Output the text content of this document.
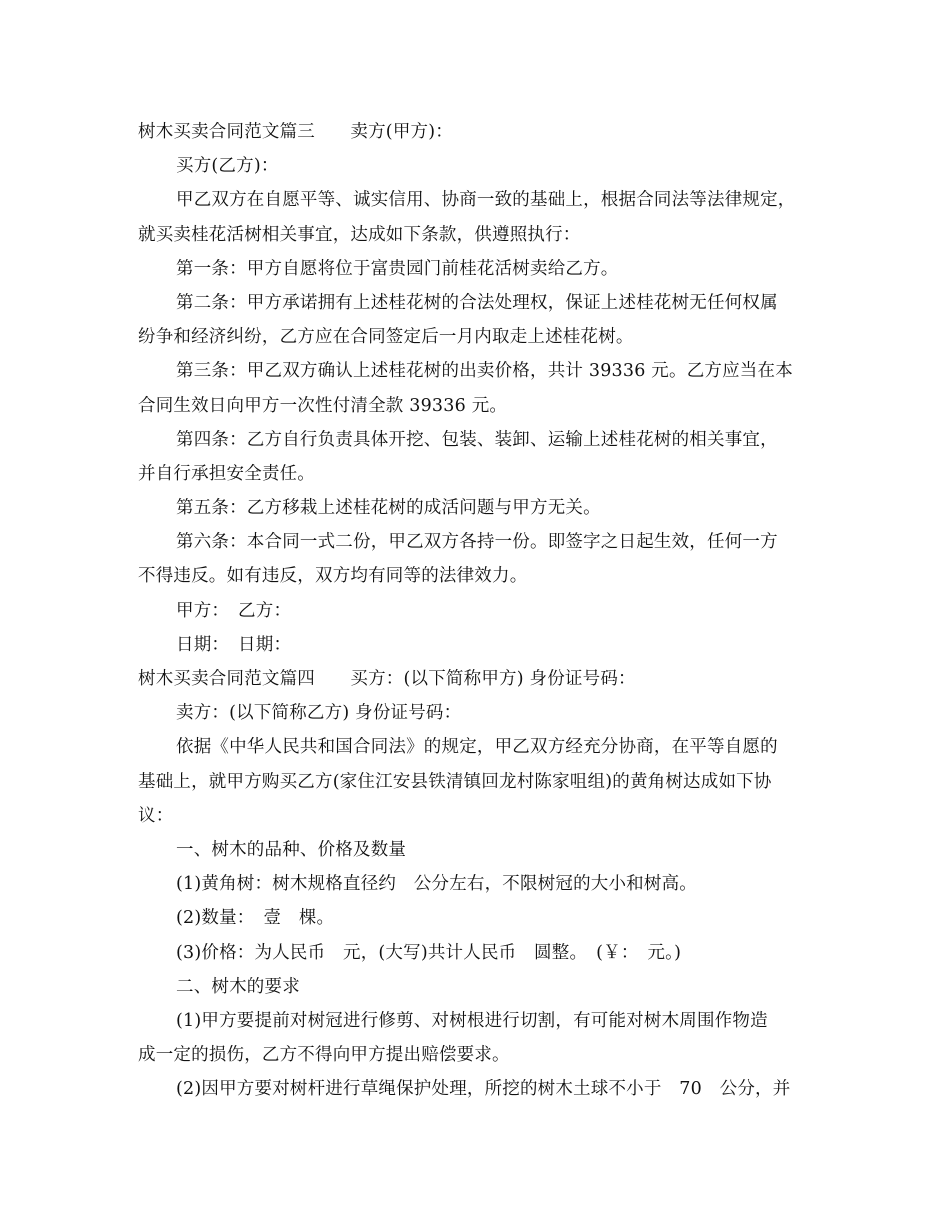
树木买卖合同范文篇三　　卖方(甲方)：
买方(乙方)：
甲乙双方在自愿平等、诚实信用、协商一致的基础上，根据合同法等法律规定，
就买卖桂花活树相关事宜，达成如下条款，供遵照执行：
第一条：甲方自愿将位于富贵园门前桂花活树卖给乙方。
第二条：甲方承诺拥有上述桂花树的合法处理权，保证上述桂花树无任何权属
纷争和经济纠纷，乙方应在合同签定后一月内取走上述桂花树。
第三条：甲乙双方确认上述桂花树的出卖价格，共计 39336 元。乙方应当在本
合同生效日向甲方一次性付清全款 39336 元。
第四条：乙方自行负责具体开挖、包装、装卸、运输上述桂花树的相关事宜，
并自行承担安全责任。
第五条：乙方移栽上述桂花树的成活问题与甲方无关。
第六条：本合同一式二份，甲乙双方各持一份。即签字之日起生效，任何一方
不得违反。如有违反，双方均有同等的法律效力。
甲方：　乙方：
日期：　日期：
树木买卖合同范文篇四　　买方：(以下简称甲方) 身份证号码：
卖方：(以下简称乙方) 身份证号码：
依据《中华人民共和国合同法》的规定，甲乙双方经充分协商，在平等自愿的
基础上，就甲方购买乙方(家住江安县铁清镇回龙村陈家咀组)的黄角树达成如下协
议：
一、树木的品种、价格及数量
(1)黄角树：树木规格直径约　公分左右，不限树冠的大小和树高。
(2)数量：　壹　棵。
(3)价格：为人民币　元，(大写)共计人民币　圆整。　(￥：　元。)
二、树木的要求
(1)甲方要提前对树冠进行修剪、对树根进行切割，有可能对树木周围作物造
成一定的损伤，乙方不得向甲方提出赔偿要求。
(2)因甲方要对树杆进行草绳保护处理，所挖的树木土球不小于　70　公分，并
